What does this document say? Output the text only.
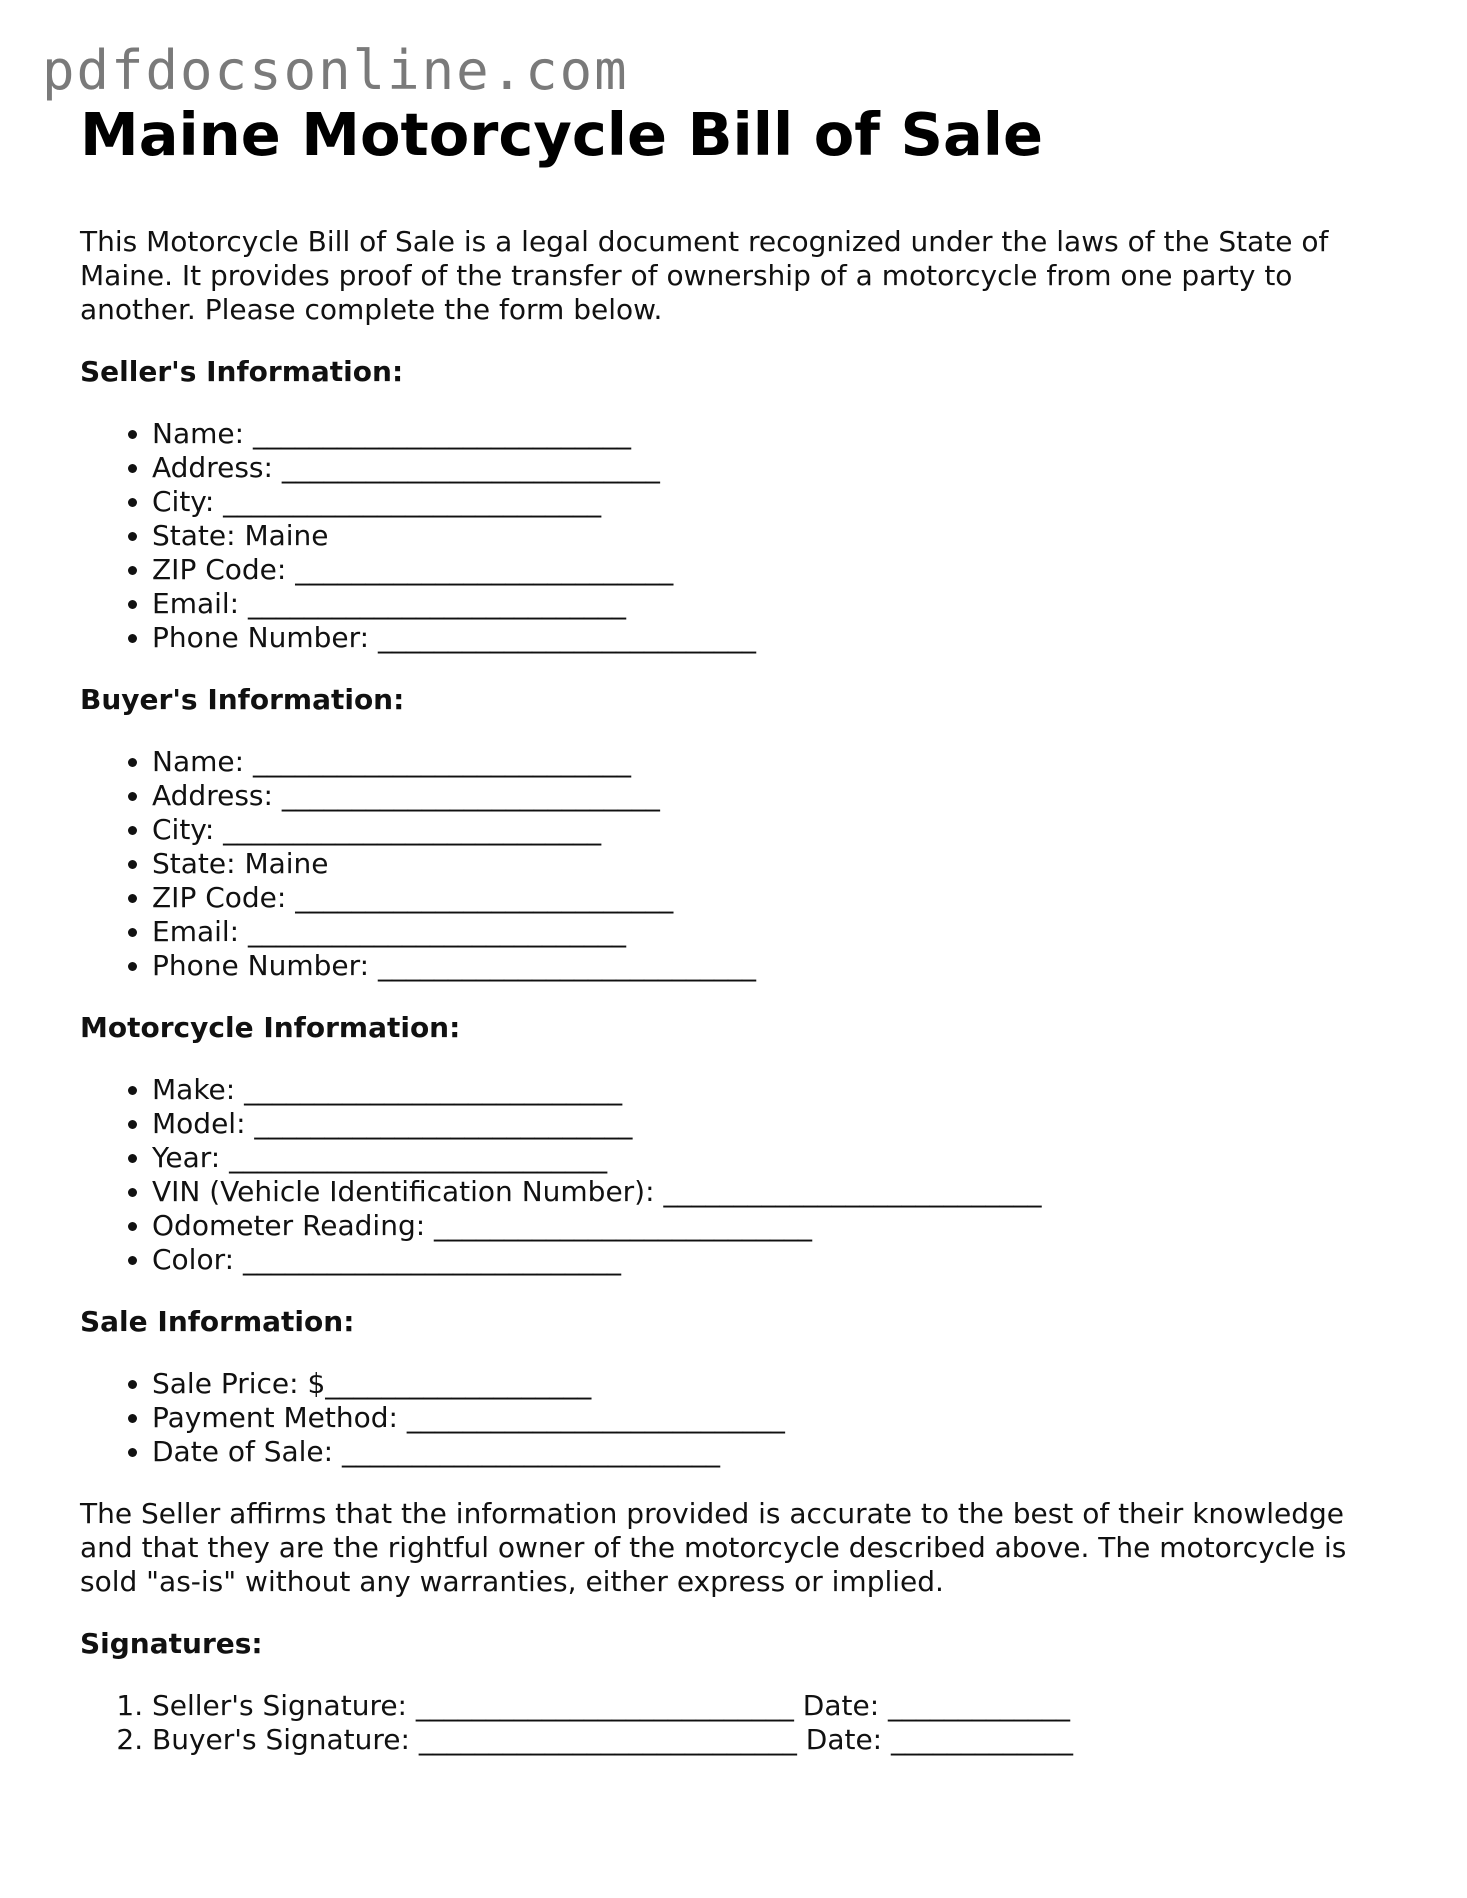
pdfdocsonline.com
Maine Motorcycle Bill of Sale

This Motorcycle Bill of Sale is a legal document recognized under the laws of the State of Maine. It provides proof of the transfer of ownership of a motorcycle from one party to another. Please complete the form below.

Seller's Information:

• Name: ___________________________
• Address: ___________________________
• City: ___________________________
• State: Maine
• ZIP Code: ___________________________
• Email: ___________________________
• Phone Number: ___________________________

Buyer's Information:

• Name: ___________________________
• Address: ___________________________
• City: ___________________________
• State: Maine
• ZIP Code: ___________________________
• Email: ___________________________
• Phone Number: ___________________________

Motorcycle Information:

• Make: ___________________________
• Model: ___________________________
• Year: ___________________________
• VIN (Vehicle Identification Number): ___________________________
• Odometer Reading: ___________________________
• Color: ___________________________

Sale Information:

• Sale Price: $___________________
• Payment Method: ___________________________
• Date of Sale: ___________________________

The Seller affirms that the information provided is accurate to the best of their knowledge and that they are the rightful owner of the motorcycle described above. The motorcycle is sold "as-is" without any warranties, either express or implied.

Signatures:

1. Seller's Signature: ___________________________ Date: _____________
2. Buyer's Signature: ___________________________ Date: _____________
